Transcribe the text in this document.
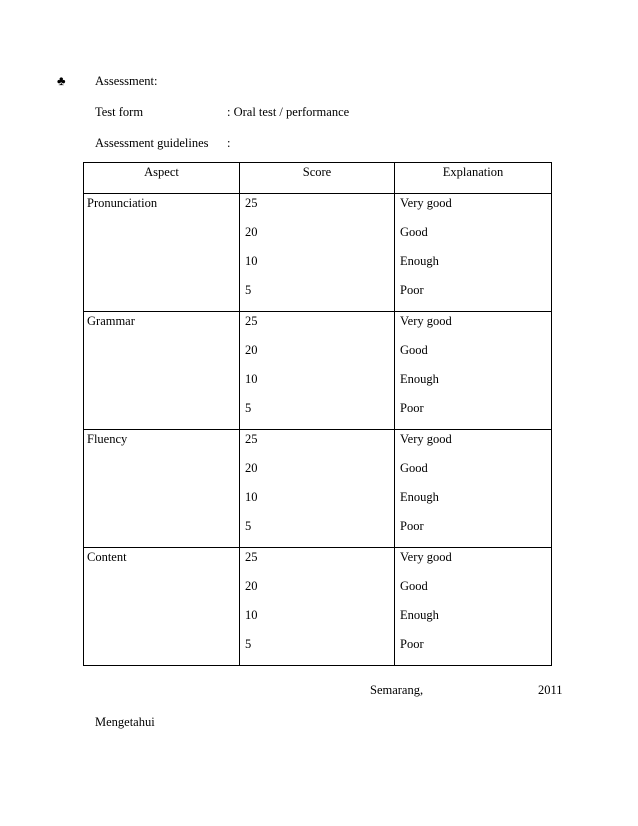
♣ Assessment:
Test form	: Oral test / performance
Assessment guidelines :
Aspect	Score	Explanation

Pronunciation	25
20
10
5	Very good
Good
Enough
Poor

Grammar	25
20
10
5	Very good
Good
Enough
Poor

Fluency	25
20
10
5	Very good
Good
Enough
Poor

Content	25
20
10
5	Very good
Good
Enough
Poor
Semarang,	2011
Mengetahui
